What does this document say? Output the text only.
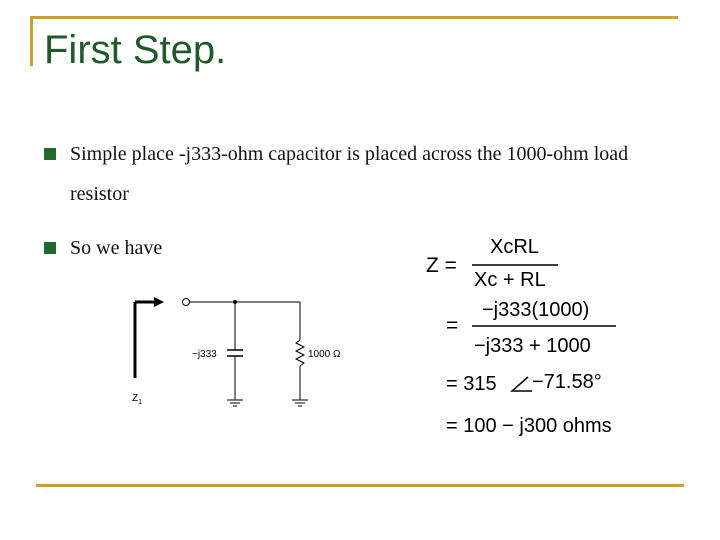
First Step.
Simple place -j333-ohm capacitor is placed across the 1000-ohm load resistor
So we have
$Z_1$
−j333	1000 Ω
Z =
XcRL
Xc + RL
=
−j333(1000)
−j333 + 1000
= 315 −71.58°
= 100 − j300 ohms
